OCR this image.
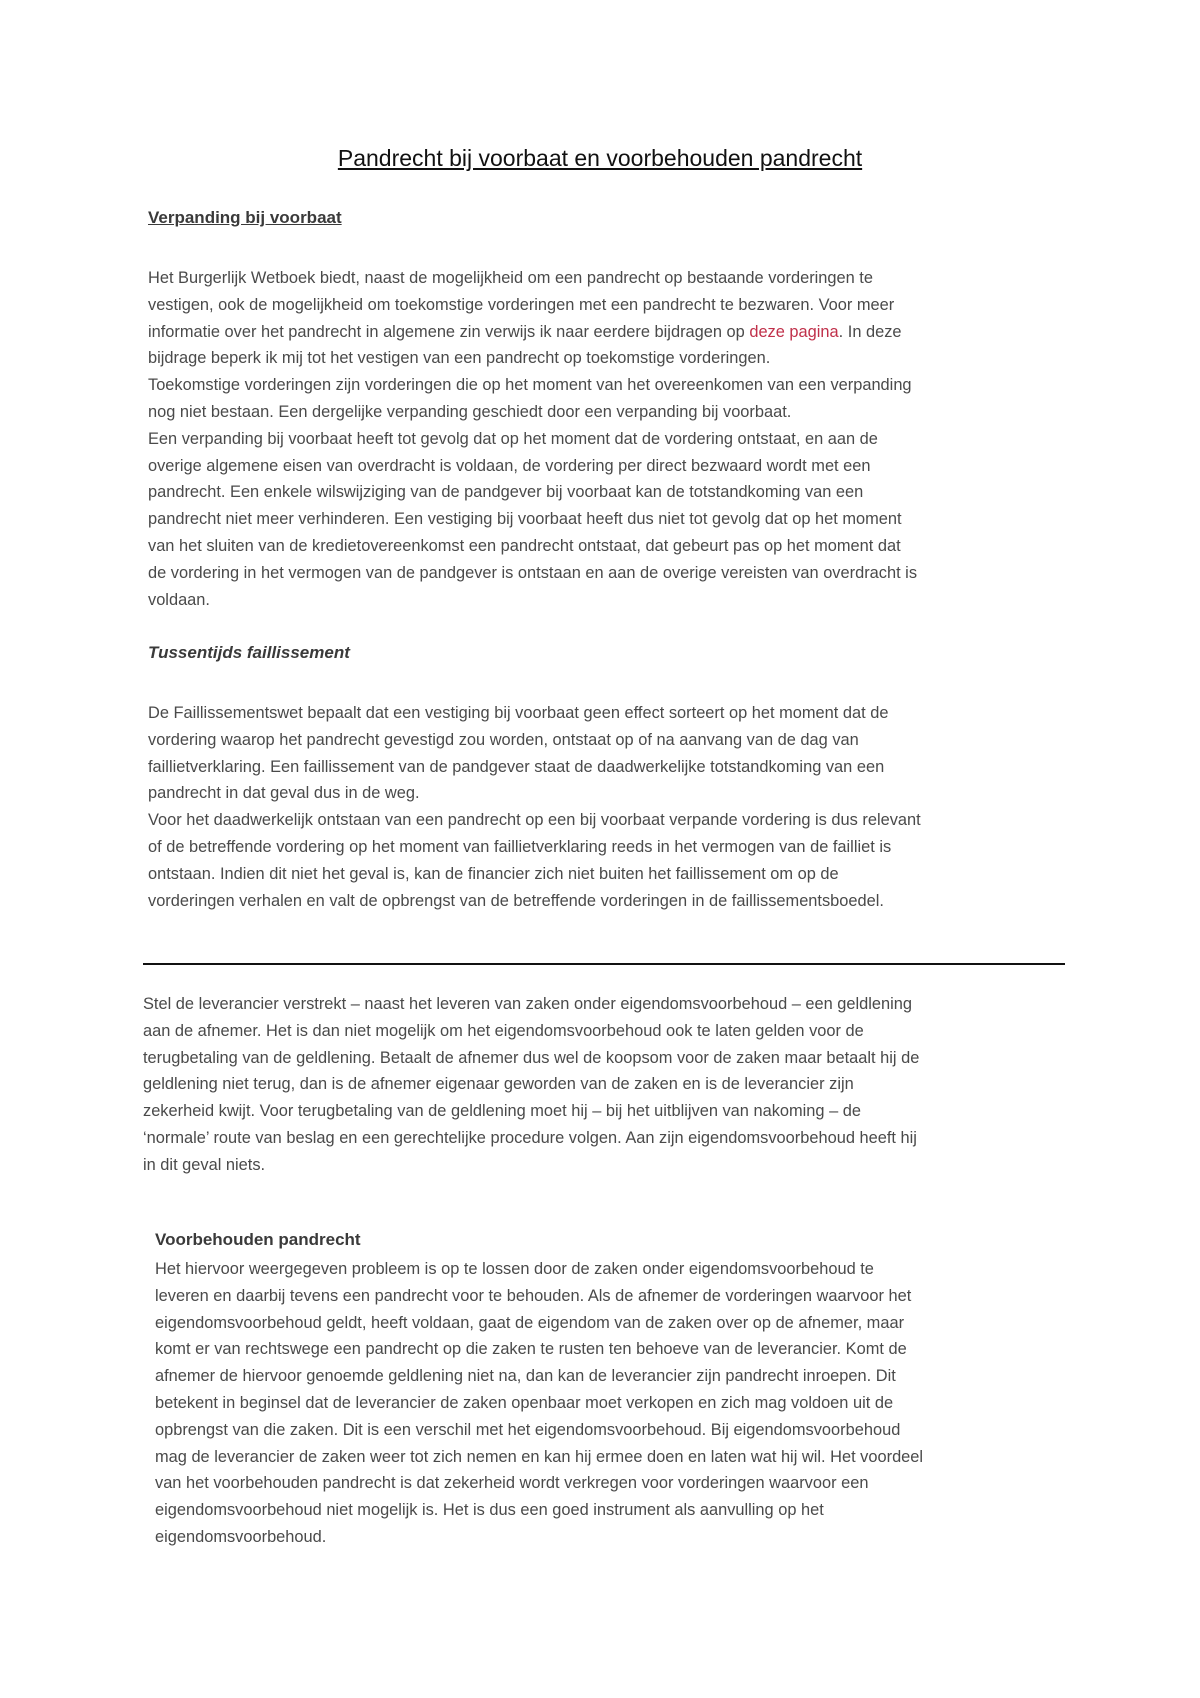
Pandrecht bij voorbaat en voorbehouden pandrecht
Verpanding bij voorbaat

Het Burgerlijk Wetboek biedt, naast de mogelijkheid om een pandrecht op bestaande vorderingen te
vestigen, ook de mogelijkheid om toekomstige vorderingen met een pandrecht te bezwaren. Voor meer
informatie over het pandrecht in algemene zin verwijs ik naar eerdere bijdragen op deze pagina. In deze
bijdrage beperk ik mij tot het vestigen van een pandrecht op toekomstige vorderingen.
Toekomstige vorderingen zijn vorderingen die op het moment van het overeenkomen van een verpanding
nog niet bestaan. Een dergelijke verpanding geschiedt door een verpanding bij voorbaat.
Een verpanding bij voorbaat heeft tot gevolg dat op het moment dat de vordering ontstaat, en aan de
overige algemene eisen van overdracht is voldaan, de vordering per direct bezwaard wordt met een
pandrecht. Een enkele wilswijziging van de pandgever bij voorbaat kan de totstandkoming van een
pandrecht niet meer verhinderen. Een vestiging bij voorbaat heeft dus niet tot gevolg dat op het moment
van het sluiten van de kredietovereenkomst een pandrecht ontstaat, dat gebeurt pas op het moment dat
de vordering in het vermogen van de pandgever is ontstaan en aan de overige vereisten van overdracht is
voldaan.

Tussentijds faillissement

De Faillissementswet bepaalt dat een vestiging bij voorbaat geen effect sorteert op het moment dat de
vordering waarop het pandrecht gevestigd zou worden, ontstaat op of na aanvang van de dag van
faillietverklaring. Een faillissement van de pandgever staat de daadwerkelijke totstandkoming van een
pandrecht in dat geval dus in de weg.
Voor het daadwerkelijk ontstaan van een pandrecht op een bij voorbaat verpande vordering is dus relevant
of de betreffende vordering op het moment van faillietverklaring reeds in het vermogen van de failliet is
ontstaan. Indien dit niet het geval is, kan de financier zich niet buiten het faillissement om op de
vorderingen verhalen en valt de opbrengst van de betreffende vorderingen in de faillissementsboedel.

Stel de leverancier verstrekt – naast het leveren van zaken onder eigendomsvoorbehoud – een geldlening
aan de afnemer. Het is dan niet mogelijk om het eigendomsvoorbehoud ook te laten gelden voor de
terugbetaling van de geldlening. Betaalt de afnemer dus wel de koopsom voor de zaken maar betaalt hij de
geldlening niet terug, dan is de afnemer eigenaar geworden van de zaken en is de leverancier zijn
zekerheid kwijt. Voor terugbetaling van de geldlening moet hij – bij het uitblijven van nakoming – de
‘normale’ route van beslag en een gerechtelijke procedure volgen. Aan zijn eigendomsvoorbehoud heeft hij
in dit geval niets.

Voorbehouden pandrecht

Het hiervoor weergegeven probleem is op te lossen door de zaken onder eigendomsvoorbehoud te
leveren en daarbij tevens een pandrecht voor te behouden. Als de afnemer de vorderingen waarvoor het
eigendomsvoorbehoud geldt, heeft voldaan, gaat de eigendom van de zaken over op de afnemer, maar
komt er van rechtswege een pandrecht op die zaken te rusten ten behoeve van de leverancier. Komt de
afnemer de hiervoor genoemde geldlening niet na, dan kan de leverancier zijn pandrecht inroepen. Dit
betekent in beginsel dat de leverancier de zaken openbaar moet verkopen en zich mag voldoen uit de
opbrengst van die zaken. Dit is een verschil met het eigendomsvoorbehoud. Bij eigendomsvoorbehoud
mag de leverancier de zaken weer tot zich nemen en kan hij ermee doen en laten wat hij wil. Het voordeel
van het voorbehouden pandrecht is dat zekerheid wordt verkregen voor vorderingen waarvoor een
eigendomsvoorbehoud niet mogelijk is. Het is dus een goed instrument als aanvulling op het
eigendomsvoorbehoud.
